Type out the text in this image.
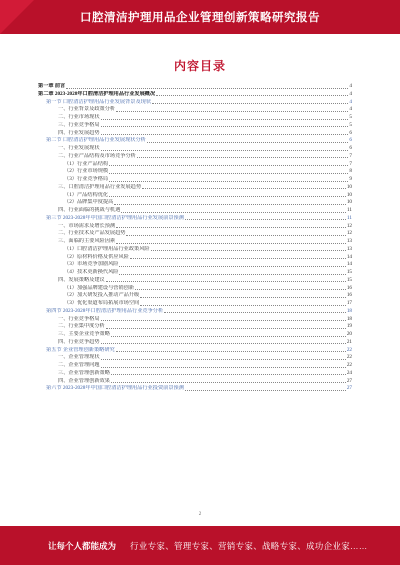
口腔清洁护理用品企业管理创新策略研究报告
内容目录
第一章 前言	4
第二章 2023-2028年口腔清洁护理用品行业发展概况	4
第一节 口腔清洁护理用品行业发展背景及现状	4
一、行业背景及政策分析	4
二、行业市场现状	5
三、行业竞争格局	5
四、行业发展趋势	6
第二节 口腔清洁护理用品行业发展现状分析	6
一、行业发展现状	6
二、行业产品结构及市场竞争分析	7
（1）行业产品结构	7
（2）行业市场规模	8
（3）行业竞争格局	9
三、口腔清洁护理用品行业发展趋势	10
（1）产品结构优化	10
（2）品牌集中度提高	10
四、行业面临的挑战与机遇	11
第三节 2023-2028年中国口腔清洁护理用品行业发展前景预测	11
一、市场需求及增长预测	12
二、行业技术及产品发展趋势	12
三、面临的主要风险因素	13
（1）口腔清洁护理用品行业政策风险	13
（2）原材料价格及供应风险	14
（3）市场竞争加剧风险	14
（4）技术更新换代风险	15
四、发展策略及建议	15
（1）加强品牌建设与营销创新	16
（2）加大研发投入推动产品升级	16
（3）优化渠道布局拓展市场空间	17
第四节 2023-2028年口腔清洁护理用品行业竞争分析	18
一、行业竞争格局	18
二、行业集中度分析	19
三、主要企业竞争策略	20
四、行业竞争趋势	21
第五节 企业管理创新策略研究	22
一、企业管理现状	22
二、企业管理问题	22
三、企业管理创新策略	24
四、企业管理创新效果	27
第六节 2023-2028年中国口腔清洁护理用品行业投资前景预测	27
2
让每个人都能成为 行业专家、管理专家、营销专家、战略专家、成功企业家……
